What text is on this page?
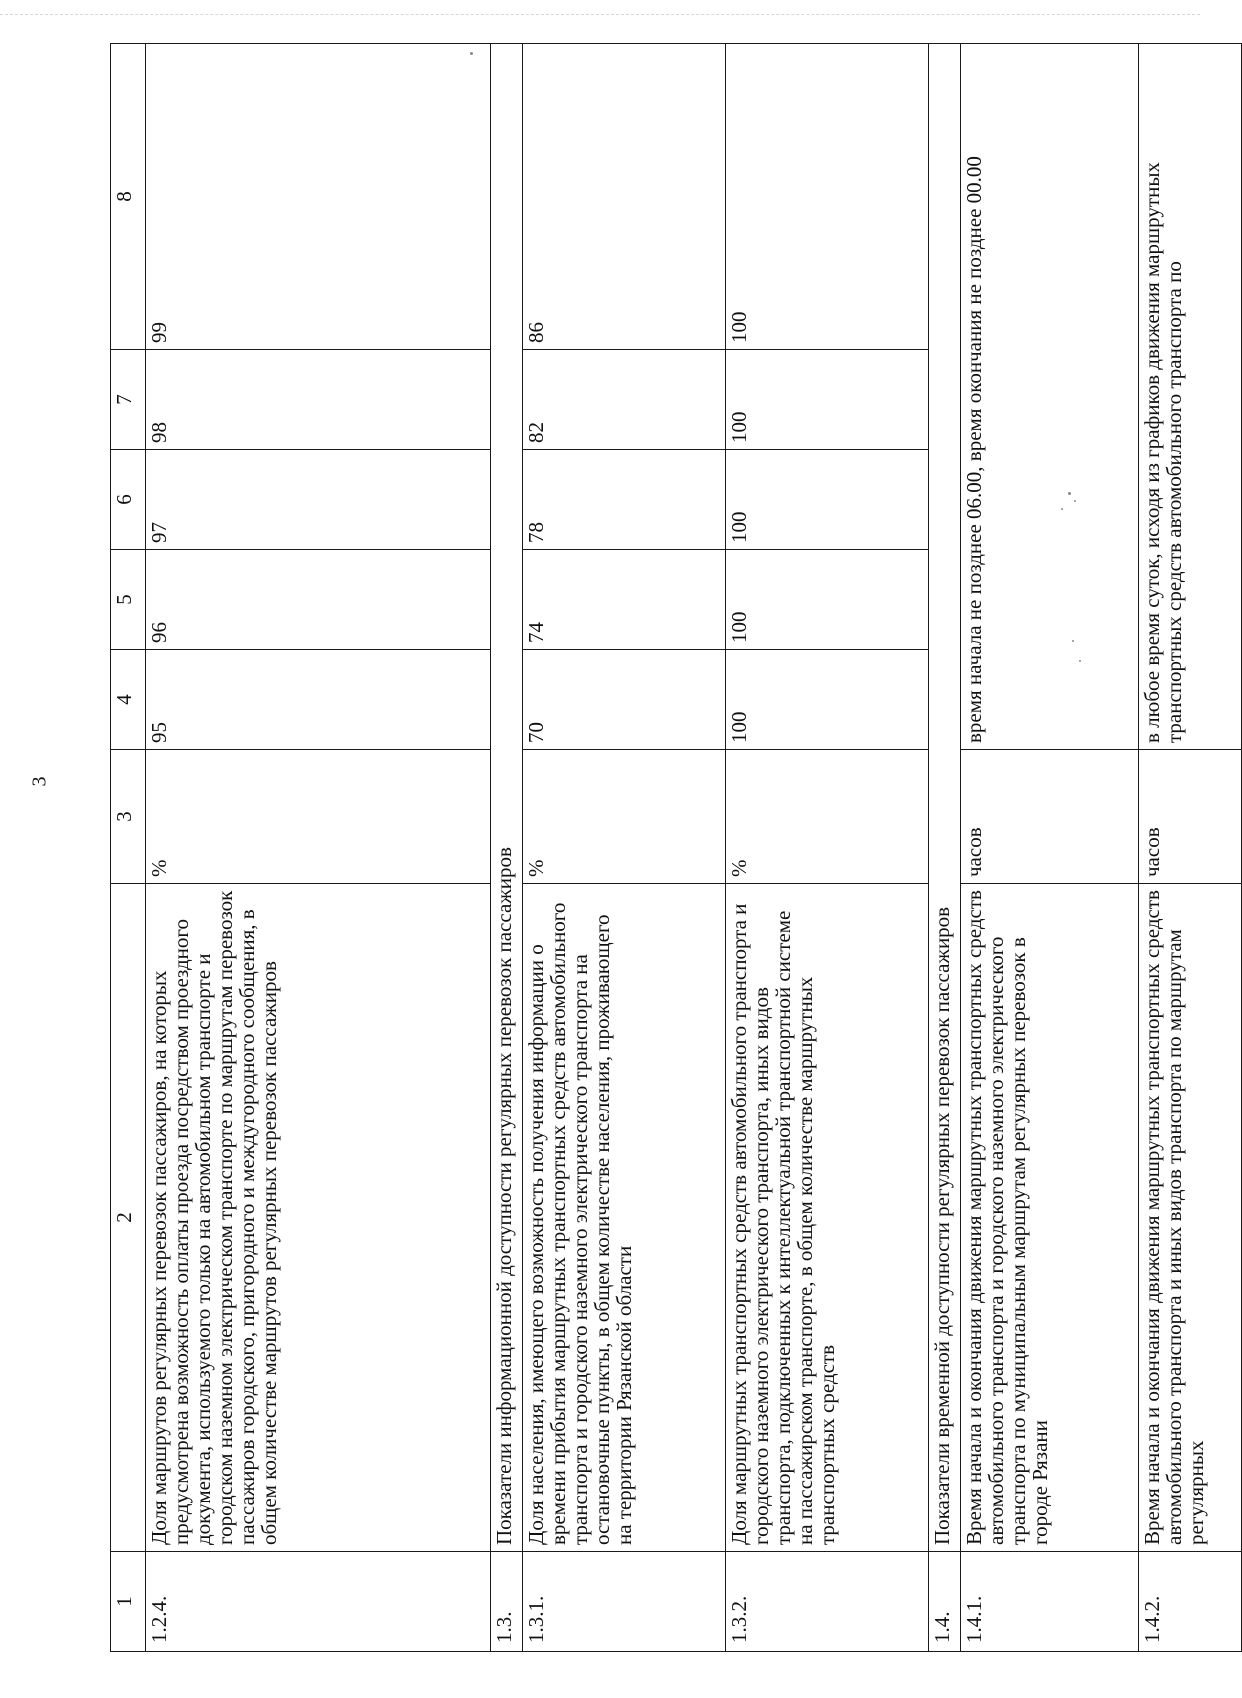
3
1	2	3	4	5	6	7	8
1.2.4.	Доля маршрутов регулярных перевозок пассажиров, на которых предусмотрена возможность оплаты проезда посредством проездного документа, используемого только на автомобильном транспорте и городском наземном электрическом транспорте по маршрутам перевозок пассажиров городского, пригородного и междугородного сообщения, в общем количестве маршрутов регулярных перевозок пассажиров	%	95	96	97	98	99
1.3.	Показатели информационной доступности регулярных перевозок пассажиров						
1.3.1.	Доля населения, имеющего возможность получения информации о времени прибытия маршрутных транспортных средств автомобильного транспорта и городского наземного электрического транспорта на остановочные пункты, в общем количестве населения, проживающего на территории Рязанской области	%	70	74	78	82	86
1.3.2.	Доля маршрутных транспортных средств автомобильного транспорта и городского наземного электрического транспорта, иных видов транспорта, подключенных к интеллектуальной транспортной системе на пассажирском транспорте, в общем количестве маршрутных транспортных средств	%	100	100	100	100	100
1.4.	Показатели временной доступности регулярных перевозок пассажиров						
1.4.1.	Время начала и окончания движения маршрутных транспортных средств автомобильного транспорта и городского наземного электрического транспорта по муниципальным маршрутам регулярных перевозок в городе Рязани	часов	время начала не позднее 06.00, время окончания не позднее 00.00				
1.4.2.	Время начала и окончания движения маршрутных транспортных средств автомобильного транспорта и иных видов транспорта по маршрутам регулярных	часов	в любое время суток, исходя из графиков движения маршрутных транспортных средств автомобильного транспорта по				
